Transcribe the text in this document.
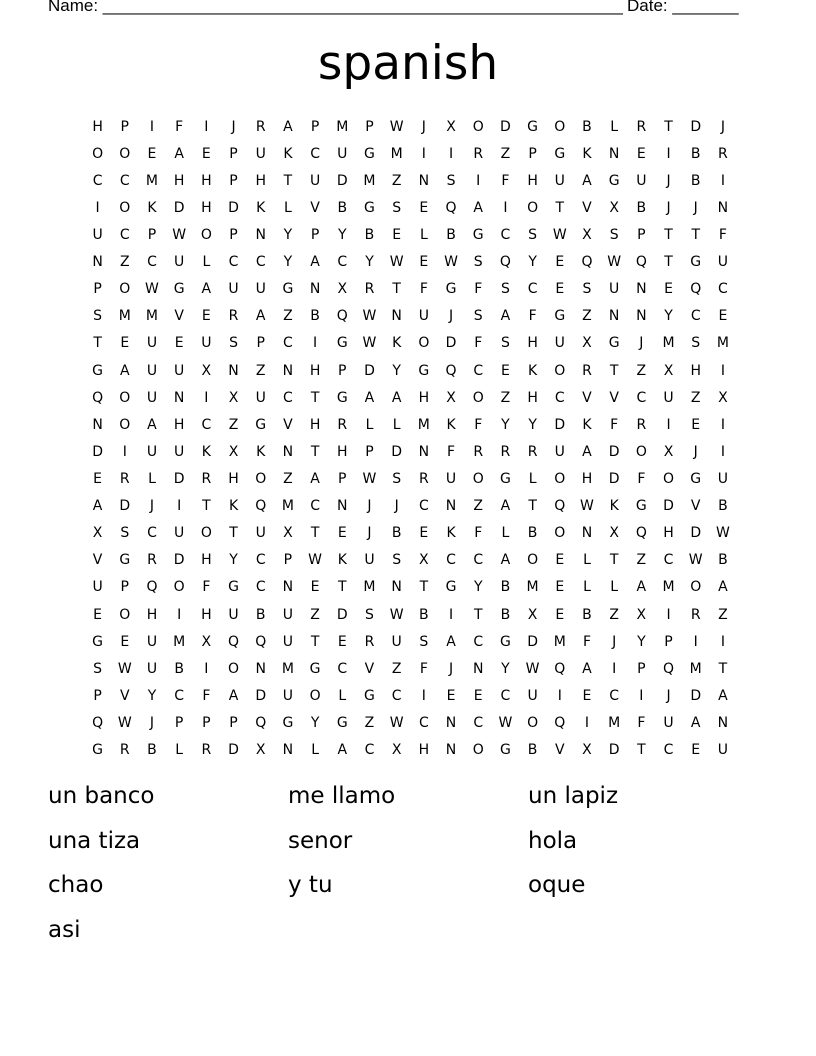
Name: _______________________________________________________ Date: _______
spanish
H	P	I	F	I	J	R	A	P	M	P	W	J	X	O	D	G	O	B	L	R	T	D	J
O	O	E	A	E	P	U	K	C	U	G	M	I	I	R	Z	P	G	K	N	E	I	B	R
C	C	M	H	H	P	H	T	U	D	M	Z	N	S	I	F	H	U	A	G	U	J	B	I
I	O	K	D	H	D	K	L	V	B	G	S	E	Q	A	I	O	T	V	X	B	J	J	N
U	C	P	W	O	P	N	Y	P	Y	B	E	L	B	G	C	S	W	X	S	P	T	T	F
N	Z	C	U	L	C	C	Y	A	C	Y	W	E	W	S	Q	Y	E	Q	W	Q	T	G	U
P	O	W	G	A	U	U	G	N	X	R	T	F	G	F	S	C	E	S	U	N	E	Q	C
S	M	M	V	E	R	A	Z	B	Q	W	N	U	J	S	A	F	G	Z	N	N	Y	C	E
T	E	U	E	U	S	P	C	I	G	W	K	O	D	F	S	H	U	X	G	J	M	S	M
G	A	U	U	X	N	Z	N	H	P	D	Y	G	Q	C	E	K	O	R	T	Z	X	H	I
Q	O	U	N	I	X	U	C	T	G	A	A	H	X	O	Z	H	C	V	V	C	U	Z	X
N	O	A	H	C	Z	G	V	H	R	L	L	M	K	F	Y	Y	D	K	F	R	I	E	I
D	I	U	U	K	X	K	N	T	H	P	D	N	F	R	R	R	U	A	D	O	X	J	I
E	R	L	D	R	H	O	Z	A	P	W	S	R	U	O	G	L	O	H	D	F	O	G	U
A	D	J	I	T	K	Q	M	C	N	J	J	C	N	Z	A	T	Q	W	K	G	D	V	B
X	S	C	U	O	T	U	X	T	E	J	B	E	K	F	L	B	O	N	X	Q	H	D	W
V	G	R	D	H	Y	C	P	W	K	U	S	X	C	C	A	O	E	L	T	Z	C	W	B
U	P	Q	O	F	G	C	N	E	T	M	N	T	G	Y	B	M	E	L	L	A	M	O	A
E	O	H	I	H	U	B	U	Z	D	S	W	B	I	T	B	X	E	B	Z	X	I	R	Z
G	E	U	M	X	Q	Q	U	T	E	R	U	S	A	C	G	D	M	F	J	Y	P	I	I
S	W	U	B	I	O	N	M	G	C	V	Z	F	J	N	Y	W	Q	A	I	P	Q	M	T
P	V	Y	C	F	A	D	U	O	L	G	C	I	E	E	C	U	I	E	C	I	J	D	A
Q	W	J	P	P	P	Q	G	Y	G	Z	W	C	N	C	W	O	Q	I	M	F	U	A	N
G	R	B	L	R	D	X	N	L	A	C	X	H	N	O	G	B	V	X	D	T	C	E	U
un banco	me llamo	un lapiz
una tiza	senor	hola
chao	y tu	oque
asi
